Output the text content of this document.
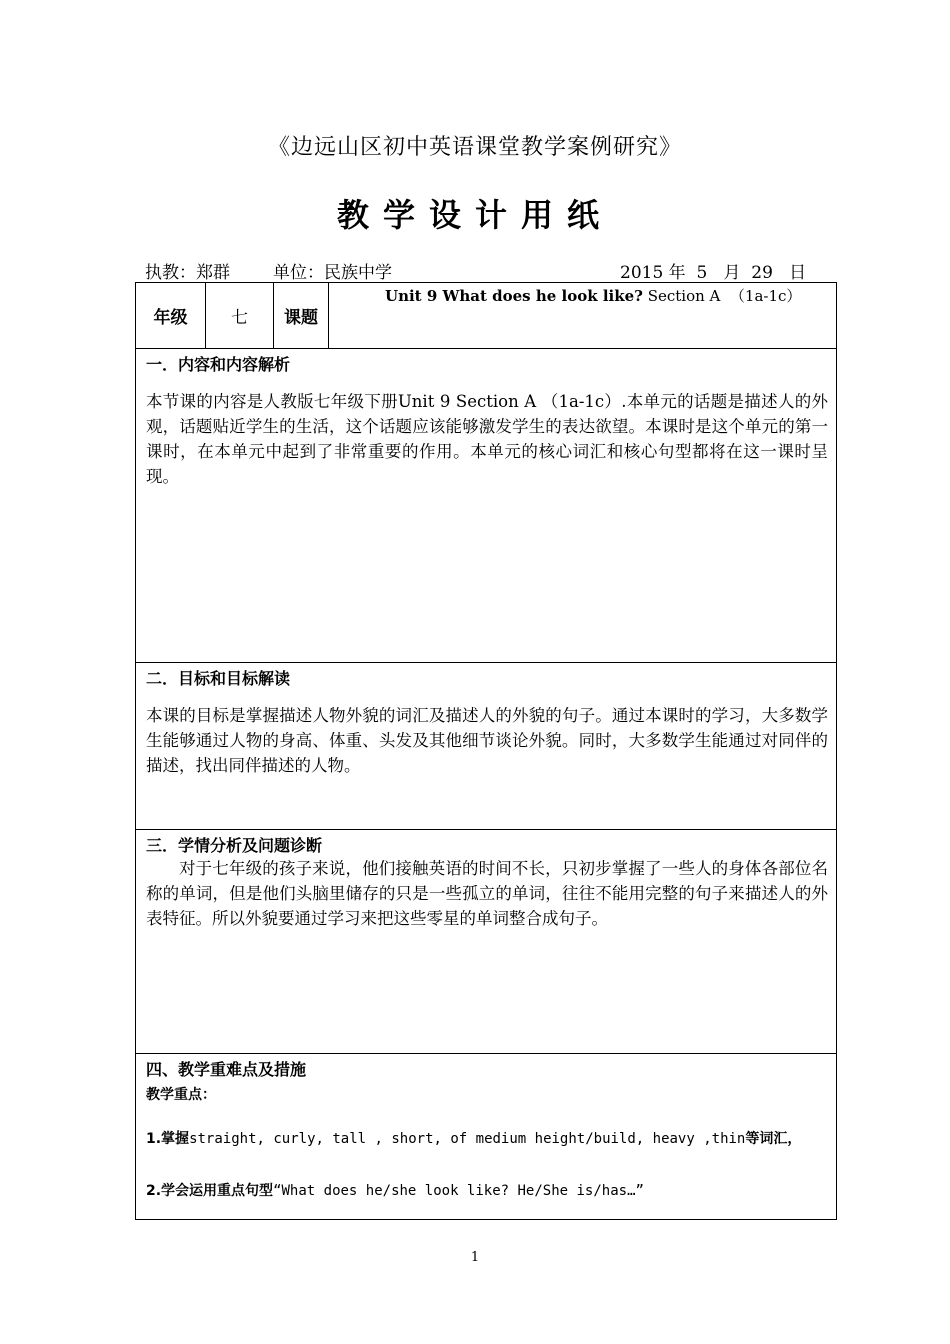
《边远山区初中英语课堂教学案例研究》
教学设计用纸
执教：郑群	单位：民族中学	2015 年  5   月  29   日
年级	七	课题	Unit 9 What does he look like? Section A  （1a-1c）

一．内容和内容解析
本节课的内容是人教版七年级下册Unit 9 Section A （1a-1c）.本单元的话题是描述人的外观，话题贴近学生的生活，这个话题应该能够激发学生的表达欲望。本课时是这个单元的第一课时，在本单元中起到了非常重要的作用。本单元的核心词汇和核心句型都将在这一课时呈现。

二．目标和目标解读
本课的目标是掌握描述人物外貌的词汇及描述人的外貌的句子。通过本课时的学习，大多数学生能够通过人物的身高、体重、头发及其他细节谈论外貌。同时，大多数学生能通过对同伴的描述，找出同伴描述的人物。

三．学情分析及问题诊断
对于七年级的孩子来说，他们接触英语的时间不长，只初步掌握了一些人的身体各部位名称的单词，但是他们头脑里储存的只是一些孤立的单词，往往不能用完整的句子来描述人的外表特征。所以外貌要通过学习来把这些零星的单词整合成句子。

四、教学重难点及措施
教学重点：
1.掌握straight, curly, tall , short, of medium height/build, heavy ,thin等词汇，
2.学会运用重点句型“What does he/she look like? He/She is/has…”
1
